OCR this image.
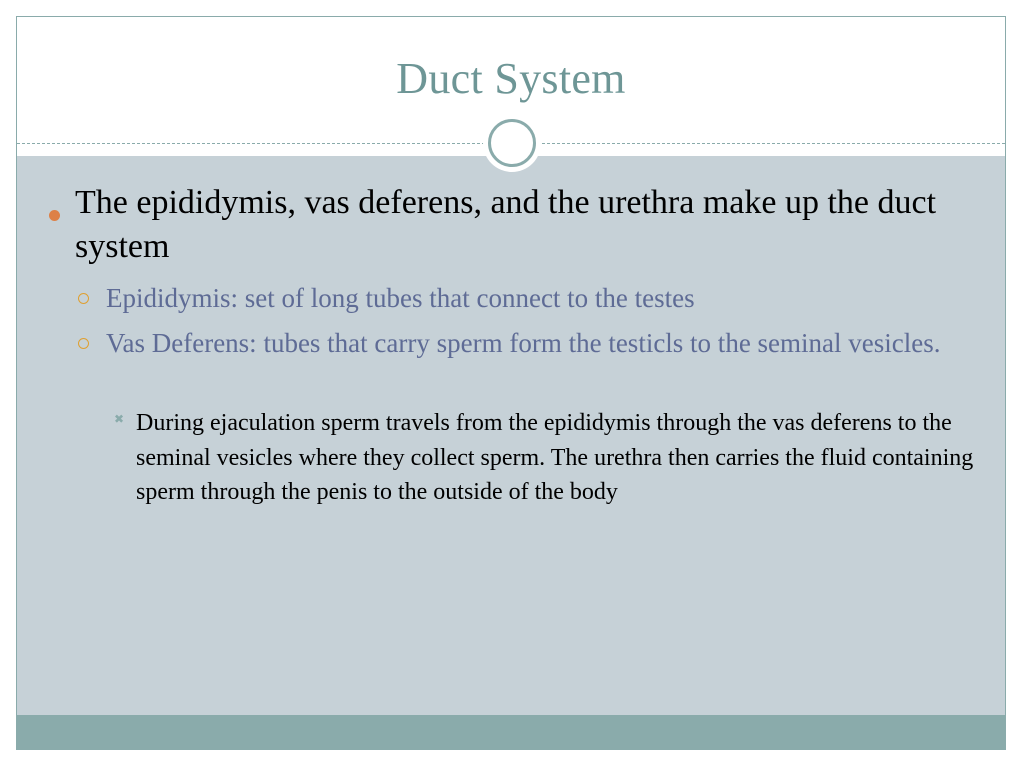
Duct System
The epididymis, vas deferens, and the urethra make up the duct system
Epididymis: set of long tubes that connect to the testes
Vas Deferens: tubes that carry sperm form the testicls to the seminal vesicles.
✖ During ejaculation sperm travels from the epididymis through the vas deferens to the seminal vesicles where they collect sperm. The urethra then carries the fluid containing sperm through the penis to the outside of the body
